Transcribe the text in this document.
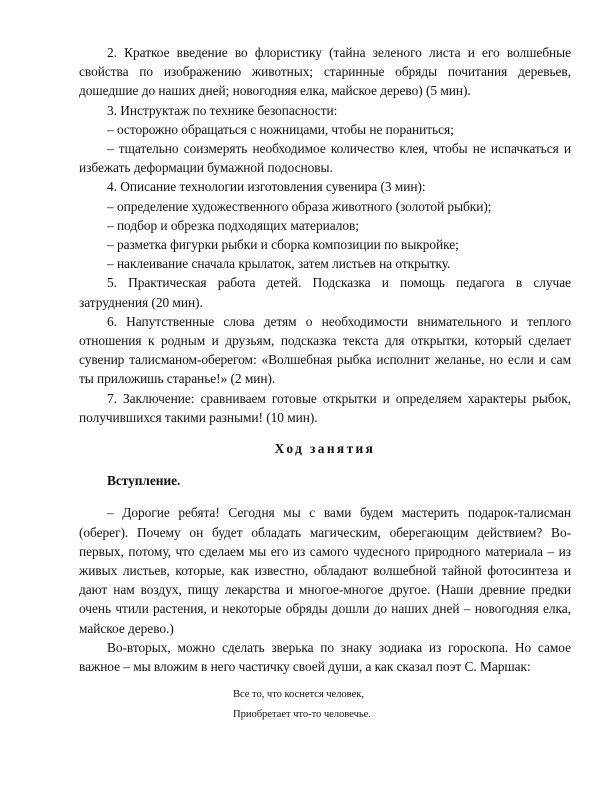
2. Краткое введение во флористику (тайна зеленого листа и его волшебные свойства по изображению животных; старинные обряды почитания деревьев, дошедшие до наших дней; новогодняя елка, майское дерево) (5 мин).

3. Инструктаж по технике безопасности:

– осторожно обращаться с ножницами, чтобы не пораниться;

– тщательно соизмерять необходимое количество клея, чтобы не испачкаться и избежать деформации бумажной подосновы.

4. Описание технологии изготовления сувенира (3 мин):

– определение художественного образа животного (золотой рыбки);

– подбор и обрезка подходящих материалов;

– разметка фигурки рыбки и сборка композиции по выкройке;

– наклеивание сначала крылаток, затем листьев на открытку.

5. Практическая работа детей. Подсказка и помощь педагога в случае затруднения (20 мин).

6. Напутственные слова детям о необходимости внимательного и теплого отношения к родным и друзьям, подсказка текста для открытки, который сделает сувенир талисманом-оберегом: «Волшебная рыбка исполнит желанье, но если и сам ты приложишь старанье!» (2 мин).

7. Заключение: сравниваем готовые открытки и определяем характеры рыбок, получившихся такими разными! (10 мин).

Ход занятия

Вступление.

– Дорогие ребята! Сегодня мы с вами будем мастерить подарок-талисман (оберег). Почему он будет обладать магическим, оберегающим действием? Во-первых, потому, что сделаем мы его из самого чудесного природного материала – из живых листьев, которые, как известно, обладают волшебной тайной фотосинтеза и дают нам воздух, пищу лекарства и многое-многое другое. (Наши древние предки очень чтили растения, и некоторые обряды дошли до наших дней – новогодняя елка, майское дерево.)

Во-вторых, можно сделать зверька по знаку зодиака из гороскопа. Но самое важное – мы вложим в него частичку своей души, а как сказал поэт С. Маршак:

Все то, что коснется человек,
Приобретает что-то человечье.
